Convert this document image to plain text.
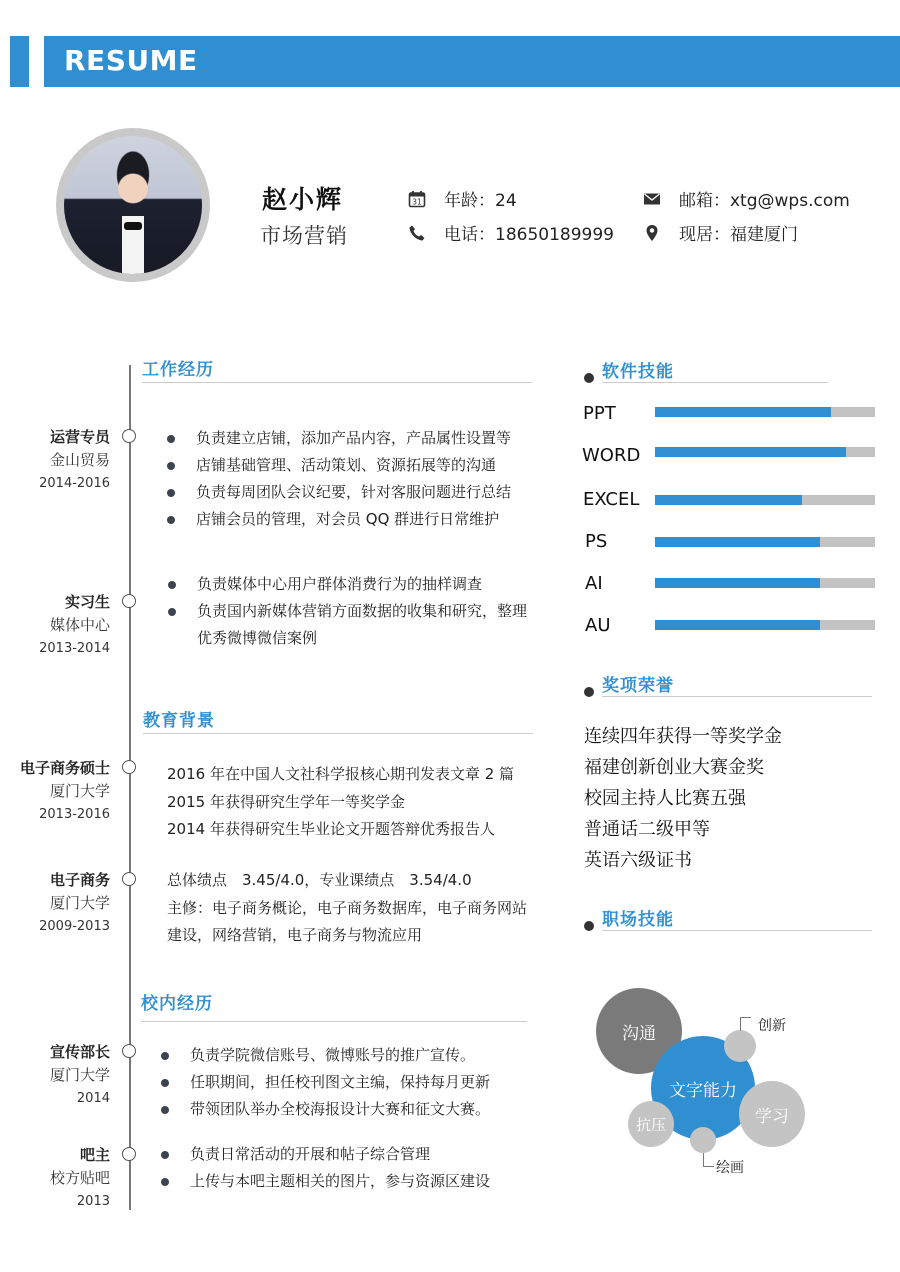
RESUME
赵小辉
市场营销
31 年龄：24
电话：18650189999
邮箱：xtg@wps.com
现居：福建厦门
工作经历
运营专员
金山贸易
2014-2016
负责建立店铺，添加产品内容，产品属性设置等
店铺基础管理、活动策划、资源拓展等的沟通
负责每周团队会议纪要，针对客服问题进行总结
店铺会员的管理，对会员 QQ 群进行日常维护
实习生
媒体中心
2013-2014
负责媒体中心用户群体消费行为的抽样调查
负责国内新媒体营销方面数据的收集和研究，整理优秀微博微信案例
教育背景
电子商务硕士
厦门大学
2013-2016
2016 年在中国人文社科学报核心期刊发表文章 2 篇
2015 年获得研究生学年一等奖学金
2014 年获得研究生毕业论文开题答辩优秀报告人
电子商务
厦门大学
2009-2013
总体绩点　3.45/4.0，专业课绩点　3.54/4.0
主修：电子商务概论，电子商务数据库，电子商务网站建设，网络营销，电子商务与物流应用
校内经历
宣传部长
厦门大学
2014
负责学院微信账号、微博账号的推广宣传。
任职期间，担任校刊图文主编，保持每月更新
带领团队举办全校海报设计大赛和征文大赛。
吧主
校方贴吧
2013
负责日常活动的开展和帖子综合管理
上传与本吧主题相关的图片，参与资源区建设
软件技能
PPT
WORD
EXCEL
PS
AI
AU
奖项荣誉
连续四年获得一等奖学金
福建创新创业大赛金奖
校园主持人比赛五强
普通话二级甲等
英语六级证书
职场技能
沟通
文字能力
学习
抗压
创新
绘画
